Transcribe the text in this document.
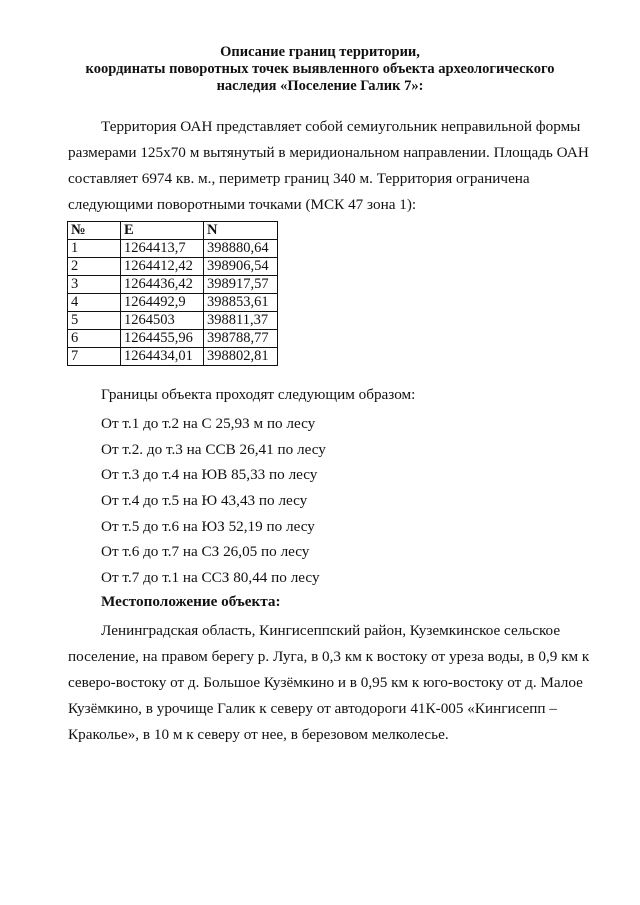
Описание границ территории,
координаты поворотных точек выявленного объекта археологического
наследия «Поселение Галик 7»:

Территория ОАН представляет собой семиугольник неправильной формы
размерами 125x70 м вытянутый в меридиональном направлении. Площадь ОАН
составляет 6974 кв. м., периметр границ 340 м. Территория ограничена
следующими поворотными точками (МСК 47 зона 1):

№	E	N
1	1264413,7	398880,64
2	1264412,42	398906,54
3	1264436,42	398917,57
4	1264492,9	398853,61
5	1264503	398811,37
6	1264455,96	398788,77
7	1264434,01	398802,81
Границы объекта проходят следующим образом:
От т.1 до т.2 на С 25,93 м по лесу
От т.2. до т.3 на ССВ 26,41 по лесу
От т.3 до т.4 на ЮВ 85,33 по лесу
От т.4 до т.5 на Ю 43,43 по лесу
От т.5 до т.6 на ЮЗ 52,19 по лесу
От т.6 до т.7 на СЗ 26,05 по лесу
От т.7 до т.1 на ССЗ 80,44 по лесу
Местоположение объекта:

Ленинградская область, Кингисеппский район, Куземкинское сельское
поселение, на правом берегу р. Луга, в 0,3 км к востоку от уреза воды, в 0,9 км к
северо-востоку от д. Большое Кузёмкино и в 0,95 км к юго-востоку от д. Малое
Кузёмкино, в урочище Галик к северу от автодороги 41К-005 «Кингисепп –
Краколье», в 10 м к северу от нее, в березовом мелколесье.
